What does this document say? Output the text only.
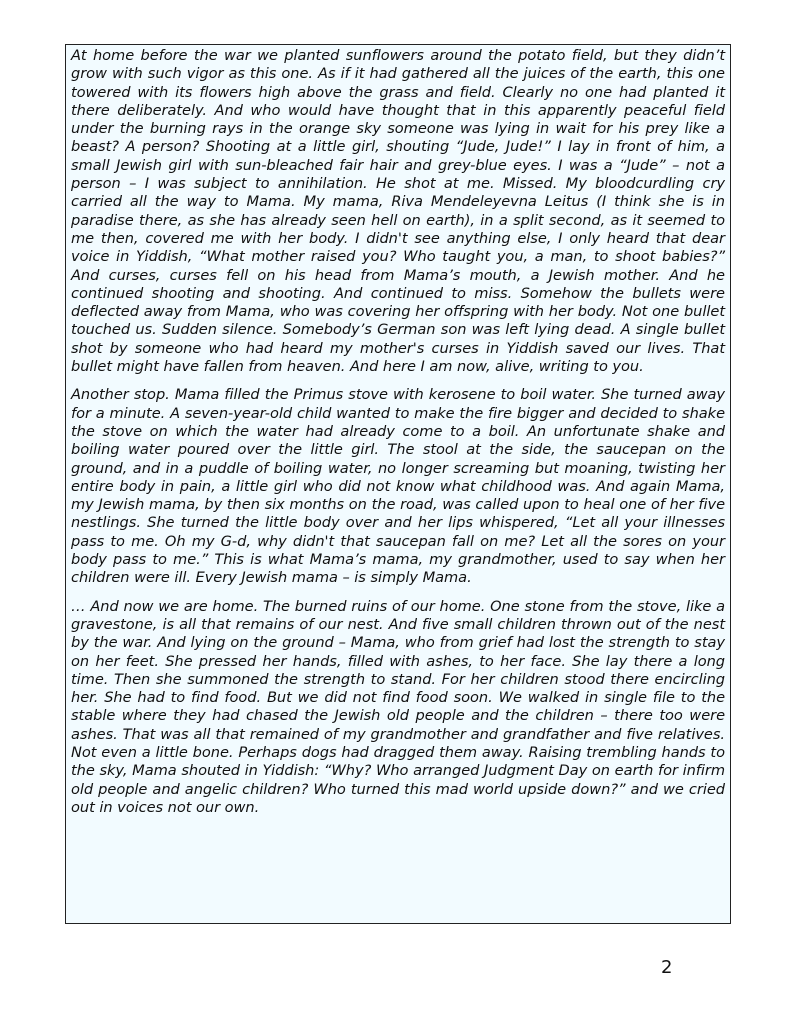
At home before the war we planted sunflowers around the potato field, but they didn’t grow with such vigor as this one. As if it had gathered all the juices of the earth, this one towered with its flowers high above the grass and field. Clearly no one had planted it there deliberately. And who would have thought that in this apparently peaceful field under the burning rays in the orange sky someone was lying in wait for his prey like a beast? A person? Shooting at a little girl, shouting “Jude, Jude!” I lay in front of him, a small Jewish girl with sun-bleached fair hair and grey-blue eyes. I was a “Jude” – not a person – I was subject to annihilation. He shot at me. Missed. My bloodcurdling cry carried all the way to Mama. My mama, Riva Mendeleyevna Leitus (I think she is in paradise there, as she has already seen hell on earth), in a split second, as it seemed to me then, covered me with her body. I didn't see anything else, I only heard that dear voice in Yiddish, “What mother raised you? Who taught you, a man, to shoot babies?” And curses, curses fell on his head from Mama’s mouth, a Jewish mother. And he continued shooting and shooting. And continued to miss. Somehow the bullets were deflected away from Mama, who was covering her offspring with her body. Not one bullet touched us. Sudden silence. Somebody’s German son was left lying dead. A single bullet shot by someone who had heard my mother's curses in Yiddish saved our lives. That bullet might have fallen from heaven. And here I am now, alive, writing to you.

Another stop. Mama filled the Primus stove with kerosene to boil water. She turned away for a minute. A seven-year-old child wanted to make the fire bigger and decided to shake the stove on which the water had already come to a boil. An unfortunate shake and boiling water poured over the little girl. The stool at the side, the saucepan on the ground, and in a puddle of boiling water, no longer screaming but moaning, twisting her entire body in pain, a little girl who did not know what childhood was. And again Mama, my Jewish mama, by then six months on the road, was called upon to heal one of her five nestlings. She turned the little body over and her lips whispered, “Let all your illnesses pass to me. Oh my G-d, why didn't that saucepan fall on me? Let all the sores on your body pass to me.” This is what Mama’s mama, my grandmother, used to say when her children were ill. Every Jewish mama – is simply Mama.

… And now we are home. The burned ruins of our home. One stone from the stove, like a gravestone, is all that remains of our nest. And five small children thrown out of the nest by the war. And lying on the ground – Mama, who from grief had lost the strength to stay on her feet. She pressed her hands, filled with ashes, to her face. She lay there a long time. Then she summoned the strength to stand. For her children stood there encircling her. She had to find food. But we did not find food soon. We walked in single file to the stable where they had chased the Jewish old people and the children – there too were ashes. That was all that remained of my grandmother and grandfather and five relatives. Not even a little bone. Perhaps dogs had dragged them away. Raising trembling hands to the sky, Mama shouted in Yiddish: “Why? Who arranged Judgment Day on earth for infirm old people and angelic children? Who turned this mad world upside down?” and we cried out in voices not our own.

2
